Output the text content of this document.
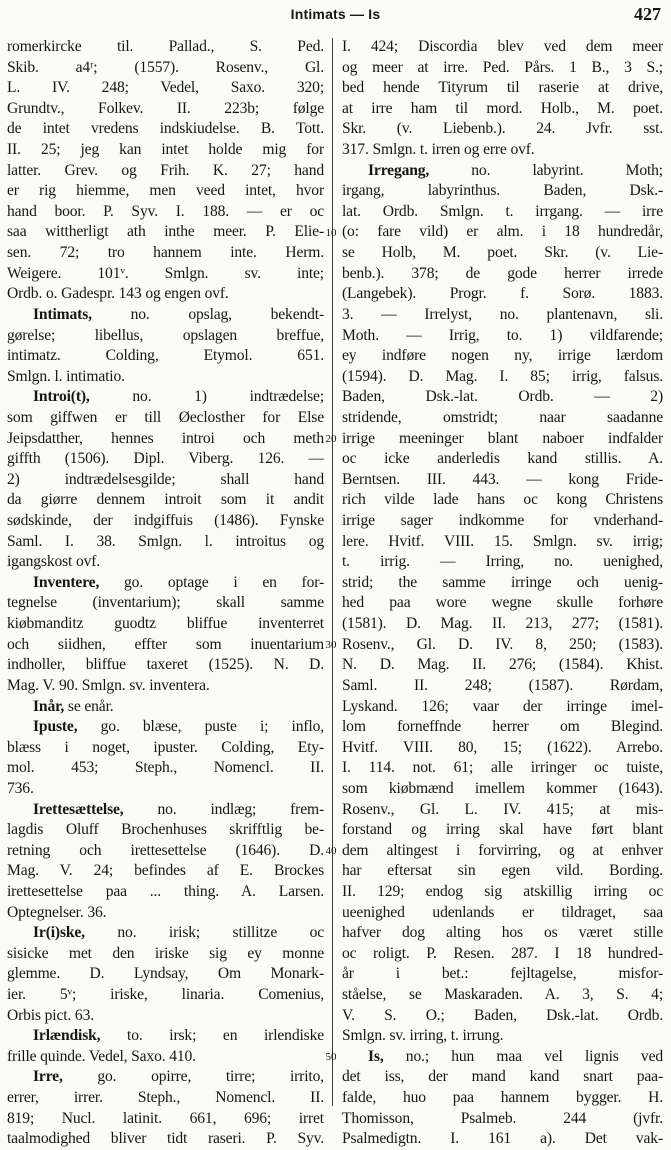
Intimats — Is	427
romerkircke til. Pallad., S. Ped.
Skib. a4ʳ; (1557). Rosenv., Gl.
L. IV. 248; Vedel, Saxo. 320;
Grundtv., Folkev. II. 223b; følge
de intet vredens indskiudelse. B. Tott.
II. 25; jeg kan intet holde mig for
latter. Grev. og Frih. K. 27; hand
er rig hiemme, men veed intet, hvor
hand boor. P. Syv. I. 188. — er oc
saa wittherligt ath inthe meer. P. Elie-
sen. 72; tro hannem inte. Herm.
Weigere. 101ᵛ. Smlgn. sv. inte;
Ordb. o. Gadespr. 143 og engen ovf.
Intimats, no. opslag, bekendt-
gørelse; libellus, opslagen breffue,
intimatz. Colding, Etymol. 651.
Smlgn. l. intimatio.
Introi(t), no. 1) indtrædelse;
som giffwen er till Øeclosther for Else
Jeipsdatther, hennes introi och meth
giffth (1506). Dipl. Viberg. 126. —
2) indtrædelsesgilde; shall hand
da giørre dennem introit som it andit
sødskinde, der indgiffuis (1486). Fynske
Saml. I. 38. Smlgn. l. introitus og
igangskost ovf.
Inventere, go. optage i en for-
tegnelse (inventarium); skall samme
kiøbmanditz guodtz bliffue inventerret
och siidhen, effter som inuentarium
indholler, bliffue taxeret (1525). N. D.
Mag. V. 90. Smlgn. sv. inventera.
Inår, se enår.
Ipuste, go. blæse, puste i; inflo,
blæss i noget, ipuster. Colding, Ety-
mol. 453; Steph., Nomencl. II.
736.
Irettesættelse, no. indlæg; frem-
lagdis Oluff Brochenhuses skrifftlig be-
retning och irettesettelse (1646). D.
Mag. V. 24; befindes af E. Brockes
irettesettelse paa ... thing. A. Larsen.
Optegnelser. 36.
Ir(i)ske, no. irisk; stillitze oc
sisicke met den iriske sig ey monne
glemme. D. Lyndsay, Om Monark-
ier. 5ᵛ; iriske, linaria. Comenius,
Orbis pict. 63.
Irlændisk, to. irsk; en irlendiske
frille quinde. Vedel, Saxo. 410.
Irre, go. opirre, tirre; irrito,
errer, irrer. Steph., Nomencl. II.
819; Nucl. latinit. 661, 696; irret
taalmodighed bliver tidt raseri. P. Syv.
I. 424; Discordia blev ved dem meer
og meer at irre. Ped. Pårs. 1 B., 3 S.;
bed hende Tityrum til raserie at drive,
at irre ham til mord. Holb., M. poet.
Skr. (v. Liebenb.). 24. Jvfr. sst.
317. Smlgn. t. irren og erre ovf.
Irregang, no. labyrint. Moth;
irgang, labyrinthus. Baden, Dsk.-
lat. Ordb. Smlgn. t. irrgang. — irre
(o: fare vild) er alm. i 18 hundredår,
se Holb, M. poet. Skr. (v. Lie-
benb.). 378; de gode herrer irrede
(Langebek). Progr. f. Sorø. 1883.
3. — Irrelyst, no. plantenavn, sli.
Moth. — Irrig, to. 1) vildfarende;
ey indføre nogen ny, irrige lærdom
(1594). D. Mag. I. 85; irrig, falsus.
Baden, Dsk.-lat. Ordb. — 2)
stridende, omstridt; naar saadanne
irrige meeninger blant naboer indfalder
oc icke anderledis kand stillis. A.
Berntsen. III. 443. — kong Fride-
rich vilde lade hans oc kong Christens
irrige sager indkomme for vnderhand-
lere. Hvitf. VIII. 15. Smlgn. sv. irrig;
t. irrig. — Irring, no. uenighed,
strid; the samme irringe och uenig-
hed paa wore wegne skulle forhøre
(1581). D. Mag. II. 213, 277; (1581).
Rosenv., Gl. D. IV. 8, 250; (1583).
N. D. Mag. II. 276; (1584). Khist.
Saml. II. 248; (1587). Rørdam,
Lyskand. 126; vaar der irringe imel-
lom forneffnde herrer om Blegind.
Hvitf. VIII. 80, 15; (1622). Arrebo.
I. 114. not. 61; alle irringer oc tuiste,
som kiøbmænd imellem kommer (1643).
Rosenv., Gl. L. IV. 415; at mis-
forstand og irring skal have ført blant
dem altingest i forvirring, og at enhver
har eftersat sin egen vild. Bording.
II. 129; endog sig atskillig irring oc
ueenighed udenlands er tildraget, saa
hafver dog alting hos os været stille
oc roligt. P. Resen. 287. I 18 hundred-
år i bet.: fejltagelse, misfor-
ståelse, se Maskaraden. A. 3, S. 4;
V. S. O.; Baden, Dsk.-lat. Ordb.
Smlgn. sv. irring, t. irrung.
Is, no.; hun maa vel lignis ved
det iss, der mand kand snart paa-
falde, huo paa hannem bygger. H.
Thomisson, Psalmeb. 244 (jvfr.
Psalmedigtn. I. 161 a). Det vak-
10
20
30
40
50
